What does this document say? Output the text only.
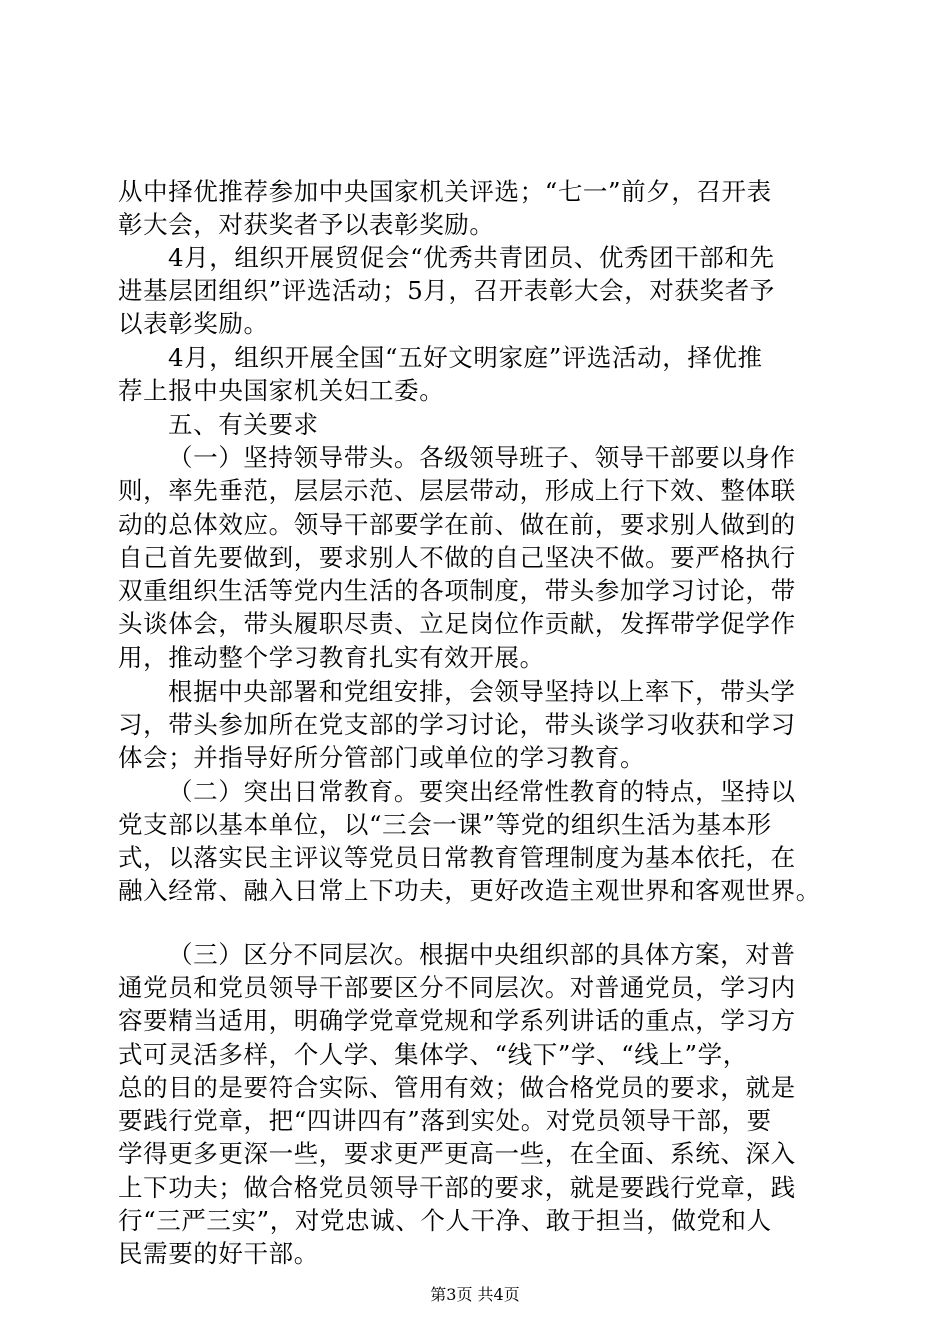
从中择优推荐参加中央国家机关评选；“七一”前夕，召开表
彰大会，对获奖者予以表彰奖励。
4月，组织开展贸促会“优秀共青团员、优秀团干部和先
进基层团组织”评选活动；5月，召开表彰大会，对获奖者予
以表彰奖励。
4月，组织开展全国“五好文明家庭”评选活动，择优推
荐上报中央国家机关妇工委。
五、有关要求
（一）坚持领导带头。各级领导班子、领导干部要以身作
则，率先垂范，层层示范、层层带动，形成上行下效、整体联
动的总体效应。领导干部要学在前、做在前，要求别人做到的
自己首先要做到，要求别人不做的自己坚决不做。要严格执行
双重组织生活等党内生活的各项制度，带头参加学习讨论，带
头谈体会，带头履职尽责、立足岗位作贡献，发挥带学促学作
用，推动整个学习教育扎实有效开展。
根据中央部署和党组安排，会领导坚持以上率下，带头学
习，带头参加所在党支部的学习讨论，带头谈学习收获和学习
体会；并指导好所分管部门或单位的学习教育。
（二）突出日常教育。要突出经常性教育的特点，坚持以
党支部以基本单位，以“三会一课”等党的组织生活为基本形
式，以落实民主评议等党员日常教育管理制度为基本依托，在
融入经常、融入日常上下功夫，更好改造主观世界和客观世界。
（三）区分不同层次。根据中央组织部的具体方案，对普
通党员和党员领导干部要区分不同层次。对普通党员，学习内
容要精当适用，明确学党章党规和学系列讲话的重点，学习方
式可灵活多样，个人学、集体学、“线下”学、“线上”学，
总的目的是要符合实际、管用有效；做合格党员的要求，就是
要践行党章，把“四讲四有”落到实处。对党员领导干部，要
学得更多更深一些，要求更严更高一些，在全面、系统、深入
上下功夫；做合格党员领导干部的要求，就是要践行党章，践
行“三严三实”，对党忠诚、个人干净、敢于担当，做党和人
民需要的好干部。
第3页 共4页
